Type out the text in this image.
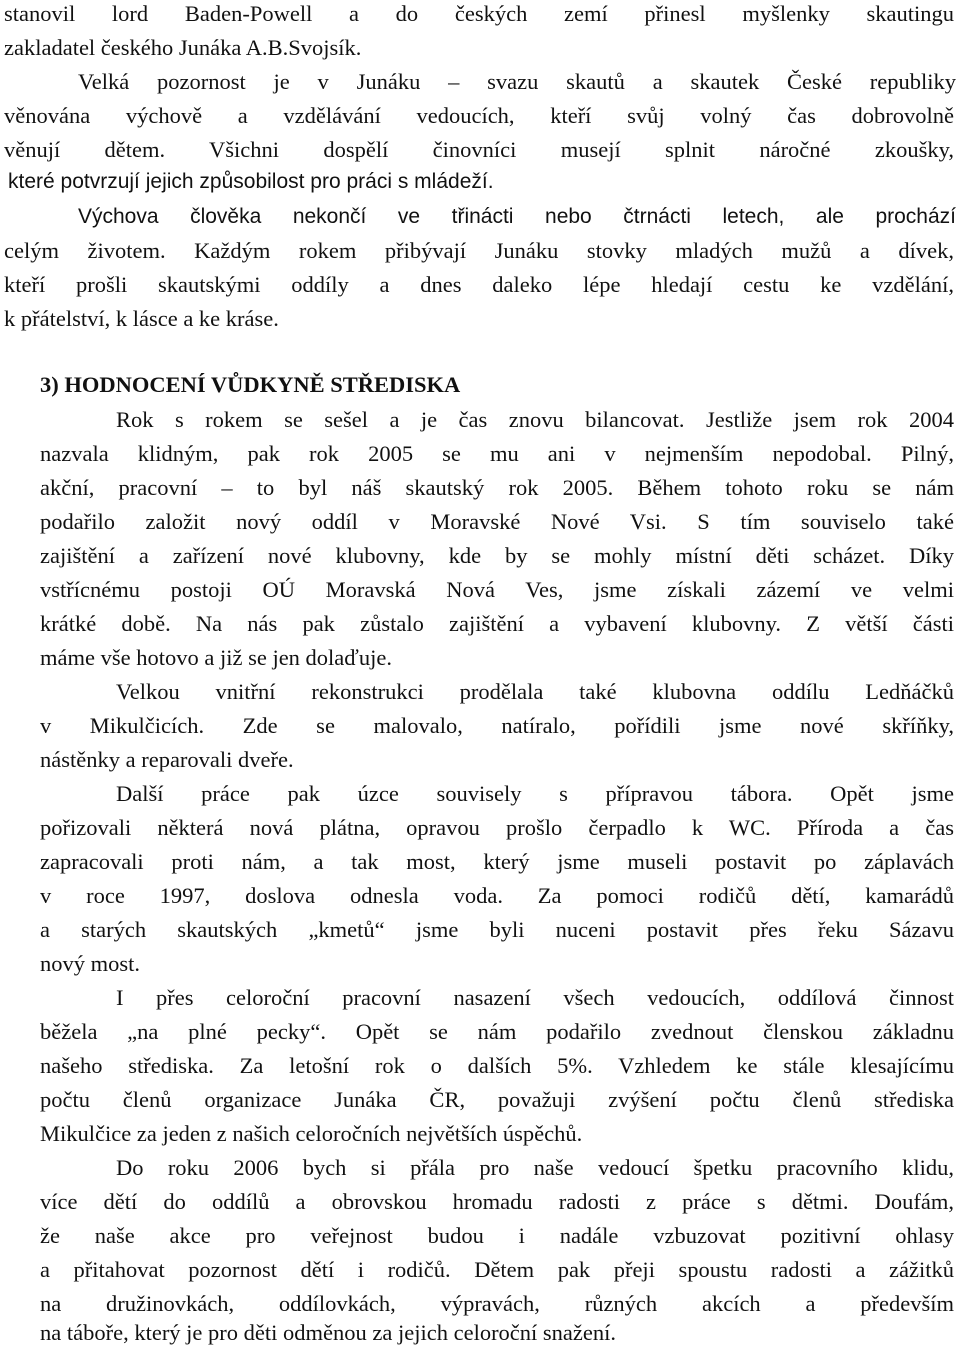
stanovil lord Baden-Powell a do českých zemí přinesl myšlenky skautingu
zakladatel českého Junáka A.B.Svojsík.
Velká pozornost je v Junáku – svazu skautů a skautek České republiky
věnována výchově a vzdělávání vedoucích, kteří svůj volný čas dobrovolně
věnují dětem. Všichni dospělí činovníci musejí splnit náročné zkoušky,
které potvrzují jejich způsobilost pro práci s mládeží.
Výchova člověka nekončí ve třinácti nebo čtrnácti letech, ale prochází
celým životem. Každým rokem přibývají Junáku stovky mladých mužů a dívek,
kteří prošli skautskými oddíly a dnes daleko lépe hledají cestu ke vzdělání,
k přátelství, k lásce a ke kráse.
3) HODNOCENÍ VŮDKYNĚ STŘEDISKA
Rok s rokem se sešel a je čas znovu bilancovat. Jestliže jsem rok 2004
nazvala klidným, pak rok 2005 se mu ani v nejmenším nepodobal. Pilný,
akční, pracovní – to byl náš skautský rok 2005. Během tohoto roku se nám
podařilo založit nový oddíl v Moravské Nové Vsi. S tím souviselo také
zajištění a zařízení nové klubovny, kde by se mohly místní děti scházet. Díky
vstřícnému postoji OÚ Moravská Nová Ves, jsme získali zázemí ve velmi
krátké době. Na nás pak zůstalo zajištění a vybavení klubovny. Z větší části
máme vše hotovo a již se jen dolaďuje.
Velkou vnitřní rekonstrukci prodělala také klubovna oddílu Ledňáčků
v Mikulčicích. Zde se malovalo, natíralo, pořídili jsme nové skříňky,
nástěnky a reparovali dveře.
Další práce pak úzce souvisely s přípravou tábora. Opět jsme
pořizovali některá nová plátna, opravou prošlo čerpadlo k WC. Příroda a čas
zapracovali proti nám, a tak most, který jsme museli postavit po záplavách
v roce 1997, doslova odnesla voda. Za pomoci rodičů dětí, kamarádů
a starých skautských „kmetů“ jsme byli nuceni postavit přes řeku Sázavu
nový most.
I přes celoroční pracovní nasazení všech vedoucích, oddílová činnost
běžela „na plné pecky“. Opět se nám podařilo zvednout členskou základnu
našeho střediska. Za letošní rok o dalších 5%. Vzhledem ke stále klesajícímu
počtu členů organizace Junáka ČR, považuji zvýšení počtu členů střediska
Mikulčice za jeden z našich celoročních největších úspěchů.
Do roku 2006 bych si přála pro naše vedoucí špetku pracovního klidu,
více dětí do oddílů a obrovskou hromadu radosti z práce s dětmi. Doufám,
že naše akce pro veřejnost budou i nadále vzbuzovat pozitivní ohlasy
a přitahovat pozornost dětí i rodičů. Dětem pak přeji spoustu radosti a zážitků
na družinovkách, oddílovkách, výpravách, různých akcích a především
na táboře, který je pro děti odměnou za jejich celoroční snažení.
